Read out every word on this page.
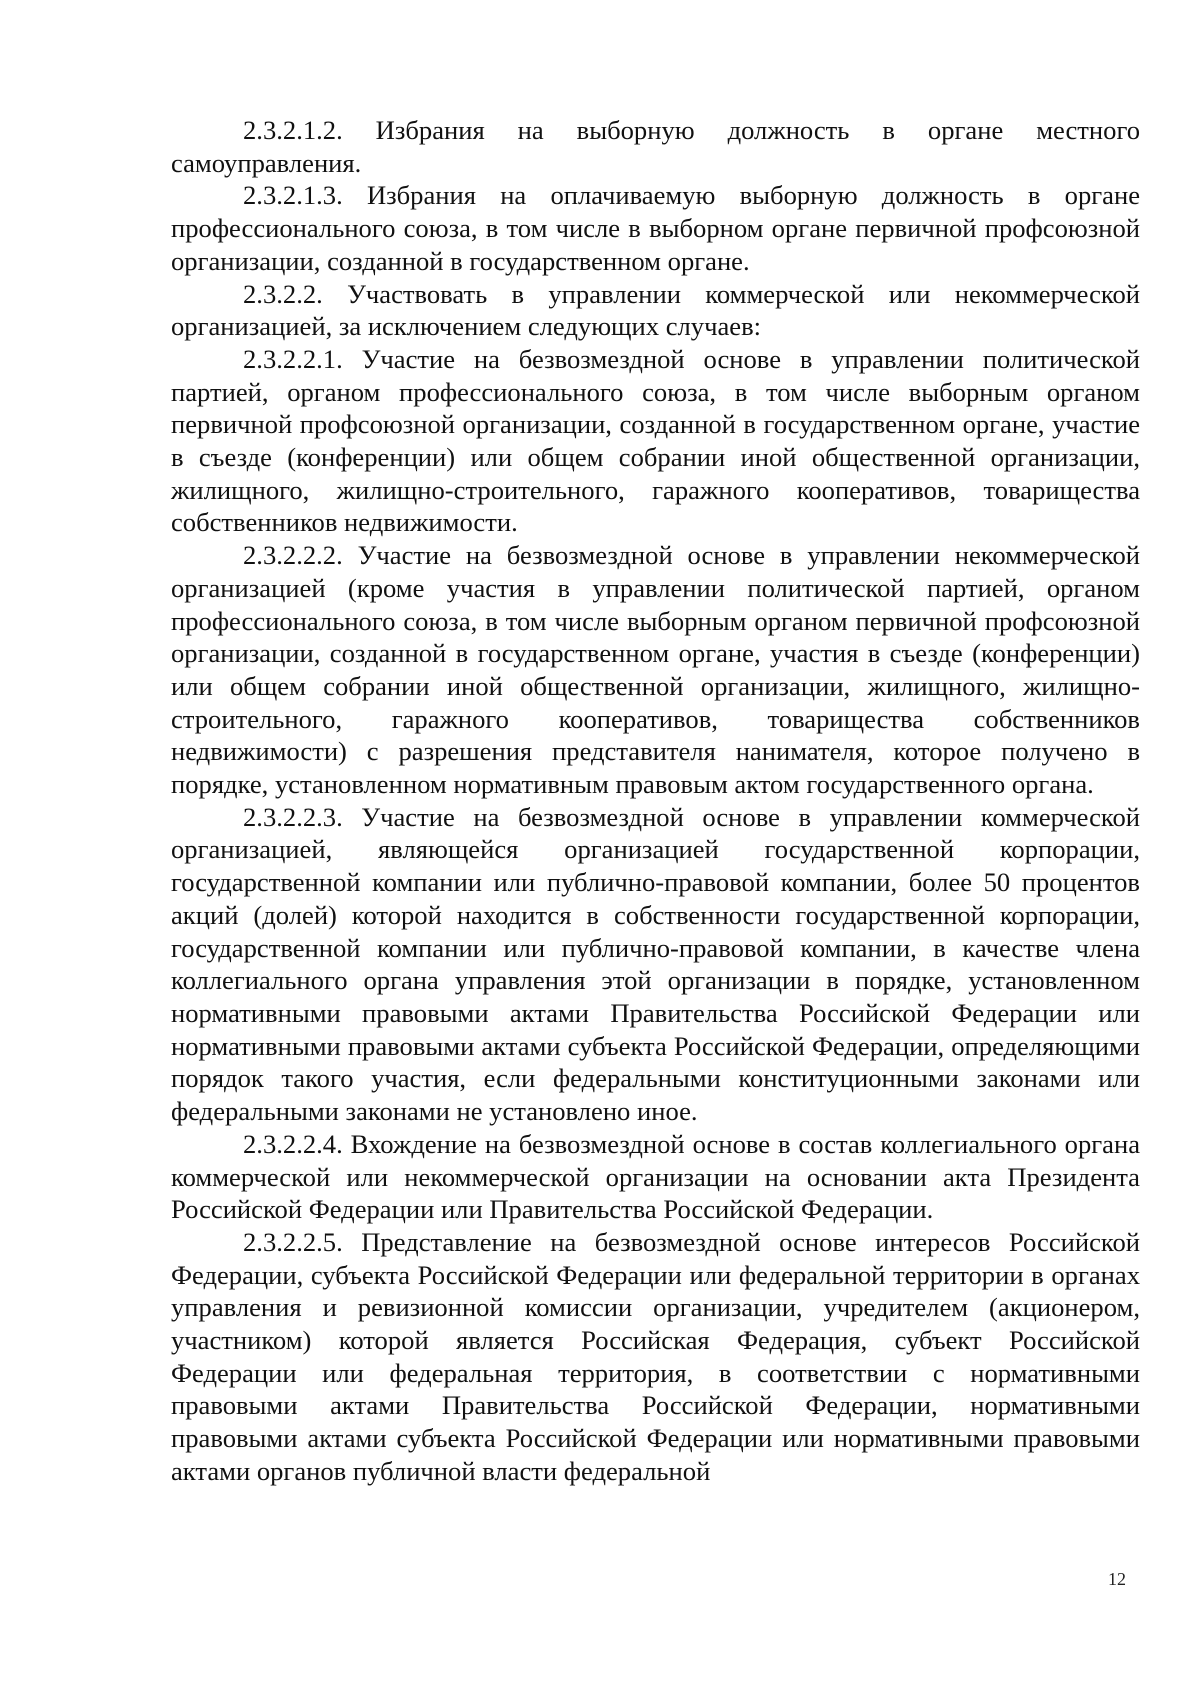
2.3.2.1.2. Избрания на выборную должность в органе местного самоуправления.

2.3.2.1.3. Избрания на оплачиваемую выборную должность в органе профессионального союза, в том числе в выборном органе первичной профсоюзной организации, созданной в государственном органе.

2.3.2.2. Участвовать в управлении коммерческой или некоммерческой организацией, за исключением следующих случаев:

2.3.2.2.1. Участие на безвозмездной основе в управлении политической партией, органом профессионального союза, в том числе выборным органом первичной профсоюзной организации, созданной в государственном органе, участие в съезде (конференции) или общем собрании иной общественной организации, жилищного, жилищно-строительного, гаражного кооперативов, товарищества собственников недвижимости.

2.3.2.2.2. Участие на безвозмездной основе в управлении некоммерческой организацией (кроме участия в управлении политической партией, органом профессионального союза, в том числе выборным органом первичной профсоюзной организации, созданной в государственном органе, участия в съезде (конференции) или общем собрании иной общественной организации, жилищного, жилищно-строительного, гаражного кооперативов, товарищества собственников недвижимости) с разрешения представителя нанимателя, которое получено в порядке, установленном нормативным правовым актом государственного органа.

2.3.2.2.3. Участие на безвозмездной основе в управлении коммерческой организацией, являющейся организацией государственной корпорации, государственной компании или публично-правовой компании, более 50 процентов акций (долей) которой находится в собственности государственной корпорации, государственной компании или публично-правовой компании, в качестве члена коллегиального органа управления этой организации в порядке, установленном нормативными правовыми актами Правительства Российской Федерации или нормативными правовыми актами субъекта Российской Федерации, определяющими порядок такого участия, если федеральными конституционными законами или федеральными законами не установлено иное.

2.3.2.2.4. Вхождение на безвозмездной основе в состав коллегиального органа коммерческой или некоммерческой организации на основании акта Президента Российской Федерации или Правительства Российской Федерации.

2.3.2.2.5. Представление на безвозмездной основе интересов Российской Федерации, субъекта Российской Федерации или федеральной территории в органах управления и ревизионной комиссии организации, учредителем (акционером, участником) которой является Российская Федерация, субъект Российской Федерации или федеральная территория, в соответствии с нормативными правовыми актами Правительства Российской Федерации, нормативными правовыми актами субъекта Российской Федерации или нормативными правовыми актами органов публичной власти федеральной

12
